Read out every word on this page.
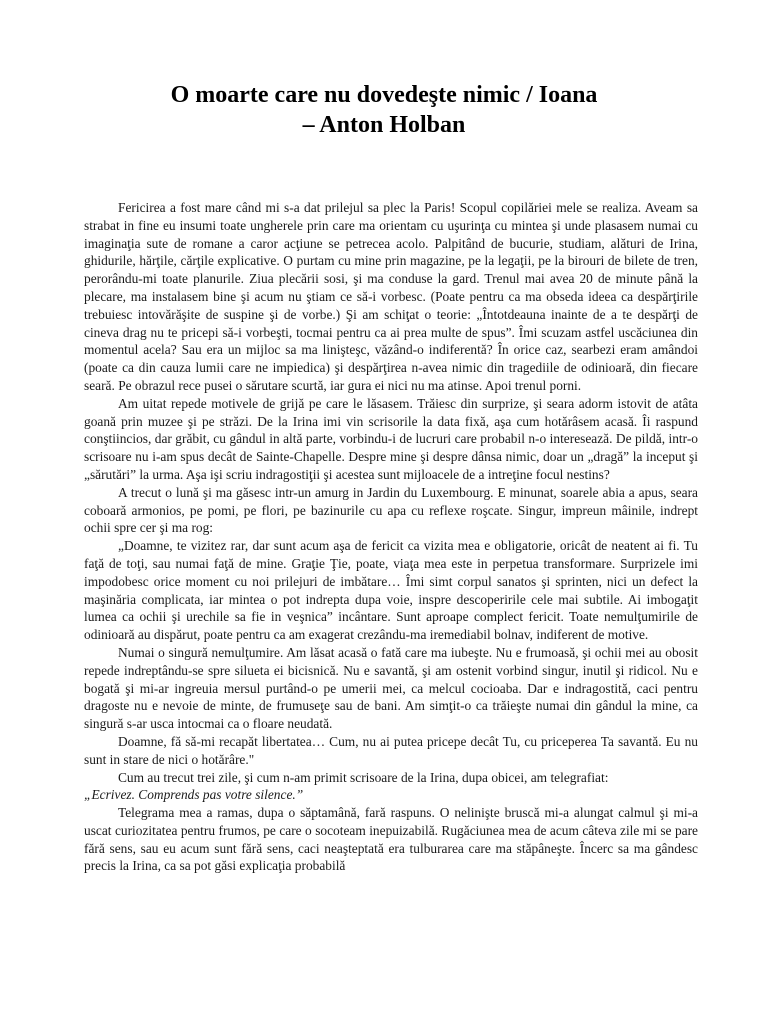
O moarte care nu dovedeşte nimic / Ioana
– Anton Holban

Fericirea a fost mare când mi s-a dat prilejul sa plec la Paris! Scopul copilăriei mele se realiza. Aveam sa strabat in fine eu insumi toate ungherele prin care ma orientam cu uşurinţa cu mintea şi unde plasasem numai cu imaginaţia sute de romane a caror acţiune se petrecea acolo. Palpitând de bucurie, studiam, alături de Irina, ghidurile, hărţile, cărţile explicative. O purtam cu mine prin magazine, pe la legaţii, pe la birouri de bilete de tren, perorându-mi toate planurile. Ziua plecării sosi, şi ma conduse la gard. Trenul mai avea 20 de minute până la plecare, ma instalasem bine şi acum nu ştiam ce să-i vorbesc. (Poate pentru ca ma obseda ideea ca despărţirile trebuiesc intovărăşite de suspine şi de vorbe.) Şi am schiţat o teorie: „Întotdeauna inainte de a te despărţi de cineva drag nu te pricepi să-i vorbeşti, tocmai pentru ca ai prea multe de spus”. Îmi scuzam astfel uscăciunea din momentul acela? Sau era un mijloc sa ma linişteşc, văzând-o indiferentă? În orice caz, searbezi eram amândoi (poate ca din cauza lumii care ne impiedica) şi despărţirea n-avea nimic din tragediile de odinioară, din fiecare seară. Pe obrazul rece pusei o sărutare scurtă, iar gura ei nici nu ma atinse. Apoi trenul porni.

Am uitat repede motivele de grijă pe care le lăsasem. Trăiesc din surprize, şi seara adorm istovit de atâta goană prin muzee şi pe străzi. De la Irina imi vin scrisorile la data fixă, aşa cum hotărâsem acasă. Îi raspund conştiincios, dar grăbit, cu gândul in altă parte, vorbindu-i de lucruri care probabil n-o interesează. De pildă, intr-o scrisoare nu i-am spus decât de Sainte-Chapelle. Despre mine şi despre dânsa nimic, doar un „dragă” la inceput şi „sărutări” la urma. Aşa işi scriu indragostiţii şi acestea sunt mijloacele de a intreţine focul nestins?

A trecut o lună şi ma găsesc intr-un amurg in Jardin du Luxembourg. E minunat, soarele abia a apus, seara coboară armonios, pe pomi, pe flori, pe bazinurile cu apa cu reflexe roşcate. Singur, impreun mâinile, indrept ochii spre cer şi ma rog:

„Doamne, te vizitez rar, dar sunt acum aşa de fericit ca vizita mea e obligatorie, oricât de neatent ai fi. Tu faţă de toţi, sau numai faţă de mine. Graţie Ţie, poate, viaţa mea este in perpetua transformare. Surprizele imi impodobesc orice moment cu noi prilejuri de imbătare… Îmi simt corpul sanatos şi sprinten, nici un defect la maşinăria complicata, iar mintea o pot indrepta dupa voie, inspre descoperirile cele mai subtile. Ai imbogaţit lumea ca ochii şi urechile sa fie in veşnica” incântare. Sunt aproape complect fericit. Toate nemulţumirile de odinioară au dispărut, poate pentru ca am exagerat crezându-ma iremediabil bolnav, indiferent de motive.

Numai o singură nemulţumire. Am lăsat acasă o fată care ma iubeşte. Nu e frumoasă, şi ochii mei au obosit repede indreptându-se spre silueta ei bicisnică. Nu e savantă, şi am ostenit vorbind singur, inutil şi ridicol. Nu e bogată şi mi-ar ingreuia mersul purtând-o pe umerii mei, ca melcul cocioaba. Dar e indragostită, caci pentru dragoste nu e nevoie de minte, de frumuseţe sau de bani. Am simţit-o ca trăieşte numai din gândul la mine, ca singură s-ar usca intocmai ca o floare neudată.

Doamne, fă să-mi recapăt libertatea… Cum, nu ai putea pricepe decât Tu, cu priceperea Ta savantă. Eu nu sunt in stare de nici o hotărâre."

Cum au trecut trei zile, şi cum n-am primit scrisoare de la Irina, dupa obicei, am telegrafiat:

„Ecrivez. Comprends pas votre silence.”

Telegrama mea a ramas, dupa o săptamână, fară raspuns. O nelinişte bruscă mi-a alungat calmul şi mi-a uscat curiozitatea pentru frumos, pe care o socoteam inepuizabilă. Rugăciunea mea de acum câteva zile mi se pare fără sens, sau eu acum sunt fără sens, caci neaşteptată era tulburarea care ma stăpâneşte. Încerc sa ma gândesc precis la Irina, ca sa pot găsi explicaţia probabilă
